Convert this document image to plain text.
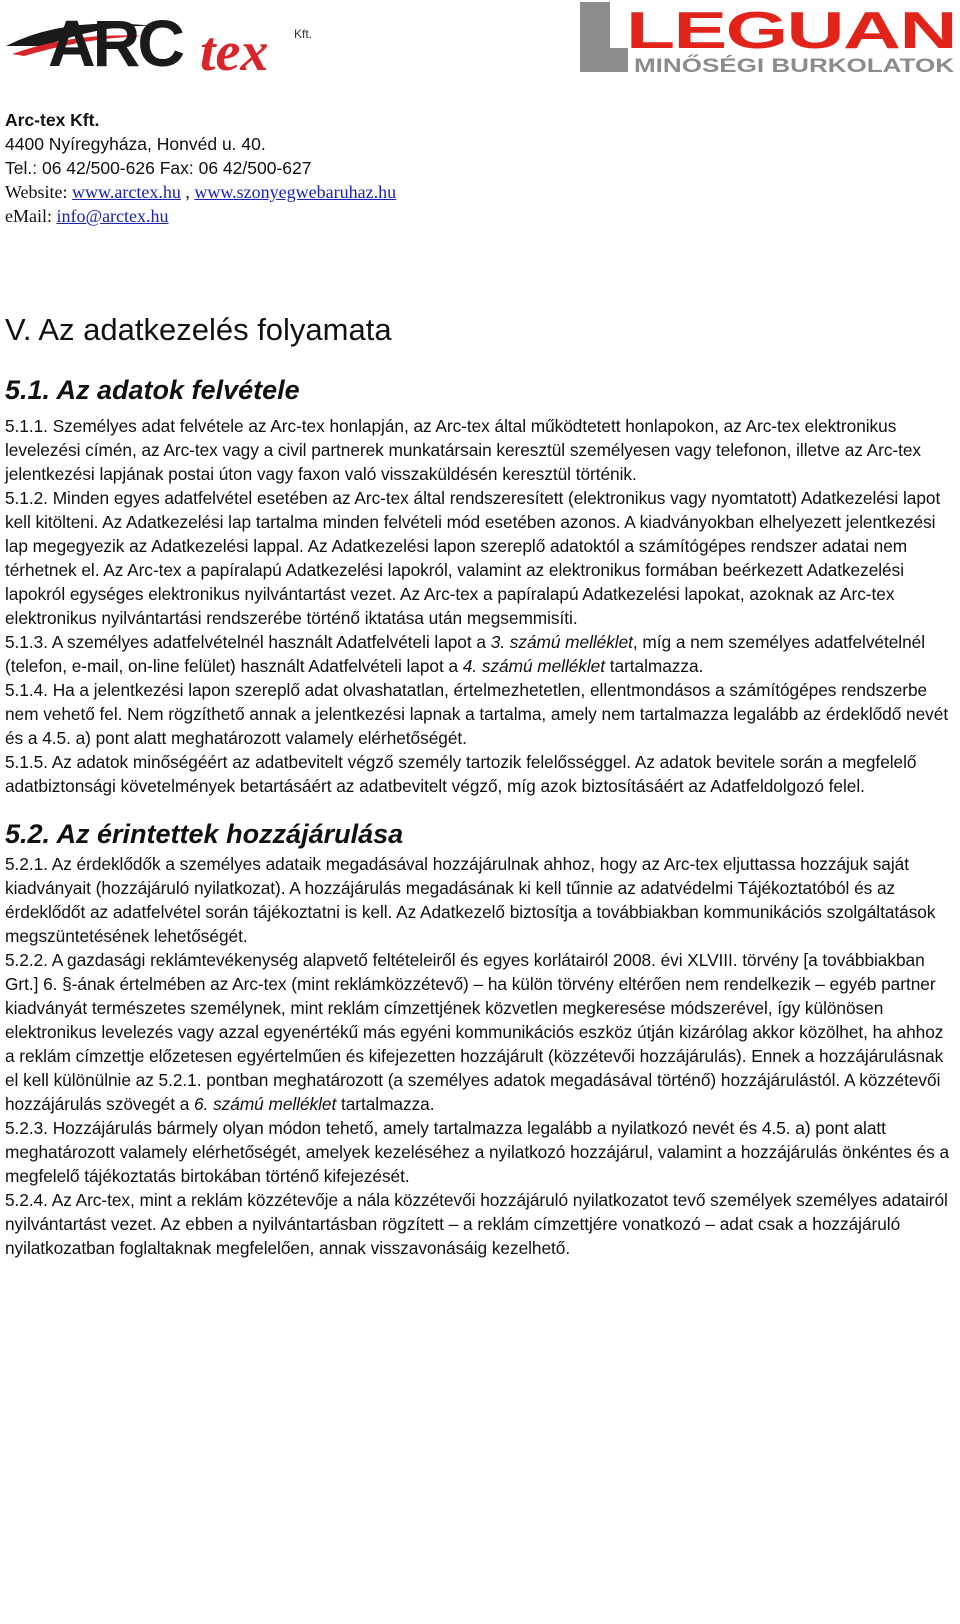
ARC tex Kft.	LEGUAN
MINŐSÉGI BURKOLATOK
Arc-tex Kft.
4400 Nyíregyháza, Honvéd u. 40.
Tel.: 06 42/500-626 Fax: 06 42/500-627
Website: www.arctex.hu , www.szonyegwebaruhaz.hu
eMail: info@arctex.hu
V. Az adatkezelés folyamata
5.1. Az adatok felvétele

5.1.1. Személyes adat felvétele az Arc-tex honlapján, az Arc-tex által működtetett honlapokon, az Arc-tex elektronikus levelezési címén, az Arc-tex vagy a civil partnerek munkatársain keresztül személyesen vagy telefonon, illetve az Arc-tex jelentkezési lapjának postai úton vagy faxon való visszaküldésén keresztül történik.

5.1.2. Minden egyes adatfelvétel esetében az Arc-tex által rendszeresített (elektronikus vagy nyomtatott) Adatkezelési lapot kell kitölteni. Az Adatkezelési lap tartalma minden felvételi mód esetében azonos. A kiadványokban elhelyezett jelentkezési lap megegyezik az Adatkezelési lappal. Az Adatkezelési lapon szereplő adatoktól a számítógépes rendszer adatai nem térhetnek el. Az Arc-tex a papíralapú Adatkezelési lapokról, valamint az elektronikus formában beérkezett Adatkezelési lapokról egységes elektronikus nyilvántartást vezet. Az Arc-tex a papíralapú Adatkezelési lapokat, azoknak az Arc-tex elektronikus nyilvántartási rendszerébe történő iktatása után megsemmisíti.

5.1.3. A személyes adatfelvételnél használt Adatfelvételi lapot a 3. számú melléklet, míg a nem személyes adatfelvételnél (telefon, e-mail, on-line felület) használt Adatfelvételi lapot a 4. számú melléklet tartalmazza.

5.1.4. Ha a jelentkezési lapon szereplő adat olvashatatlan, értelmezhetetlen, ellentmondásos a számítógépes rendszerbe nem vehető fel. Nem rögzíthető annak a jelentkezési lapnak a tartalma, amely nem tartalmazza legalább az érdeklődő nevét és a 4.5. a) pont alatt meghatározott valamely elérhetőségét.

5.1.5. Az adatok minőségéért az adatbevitelt végző személy tartozik felelősséggel. Az adatok bevitele során a megfelelő adatbiztonsági követelmények betartásáért az adatbevitelt végző, míg azok biztosításáért az Adatfeldolgozó felel.

5.2. Az érintettek hozzájárulása

5.2.1. Az érdeklődők a személyes adataik megadásával hozzájárulnak ahhoz, hogy az Arc-tex eljuttassa hozzájuk saját kiadványait (hozzájáruló nyilatkozat). A hozzájárulás megadásának ki kell tűnnie az adatvédelmi Tájékoztatóból és az érdeklődőt az adatfelvétel során tájékoztatni is kell. Az Adatkezelő biztosítja a továbbiakban kommunikációs szolgáltatások megszüntetésének lehetőségét.

5.2.2. A gazdasági reklámtevékenység alapvető feltételeiről és egyes korlátairól 2008. évi XLVIII. törvény [a továbbiakban Grt.] 6. §-ának értelmében az Arc-tex (mint reklámközzétevő) – ha külön törvény eltérően nem rendelkezik – egyéb partner kiadványát természetes személynek, mint reklám címzettjének közvetlen megkeresése módszerével, így különösen elektronikus levelezés vagy azzal egyenértékű más egyéni kommunikációs eszköz útján kizárólag akkor közölhet, ha ahhoz a reklám címzettje előzetesen egyértelműen és kifejezetten hozzájárult (közzétevői hozzájárulás). Ennek a hozzájárulásnak el kell különülnie az 5.2.1. pontban meghatározott (a személyes adatok megadásával történő) hozzájárulástól. A közzétevői hozzájárulás szövegét a 6. számú melléklet tartalmazza.

5.2.3. Hozzájárulás bármely olyan módon tehető, amely tartalmazza legalább a nyilatkozó nevét és 4.5. a) pont alatt meghatározott valamely elérhetőségét, amelyek kezeléséhez a nyilatkozó hozzájárul, valamint a hozzájárulás önkéntes és a megfelelő tájékoztatás birtokában történő kifejezését.

5.2.4. Az Arc-tex, mint a reklám közzétevője a nála közzétevői hozzájáruló nyilatkozatot tevő személyek személyes adatairól nyilvántartást vezet. Az ebben a nyilvántartásban rögzített – a reklám címzettjére vonatkozó – adat csak a hozzájáruló nyilatkozatban foglaltaknak megfelelően, annak visszavonásáig kezelhető.
